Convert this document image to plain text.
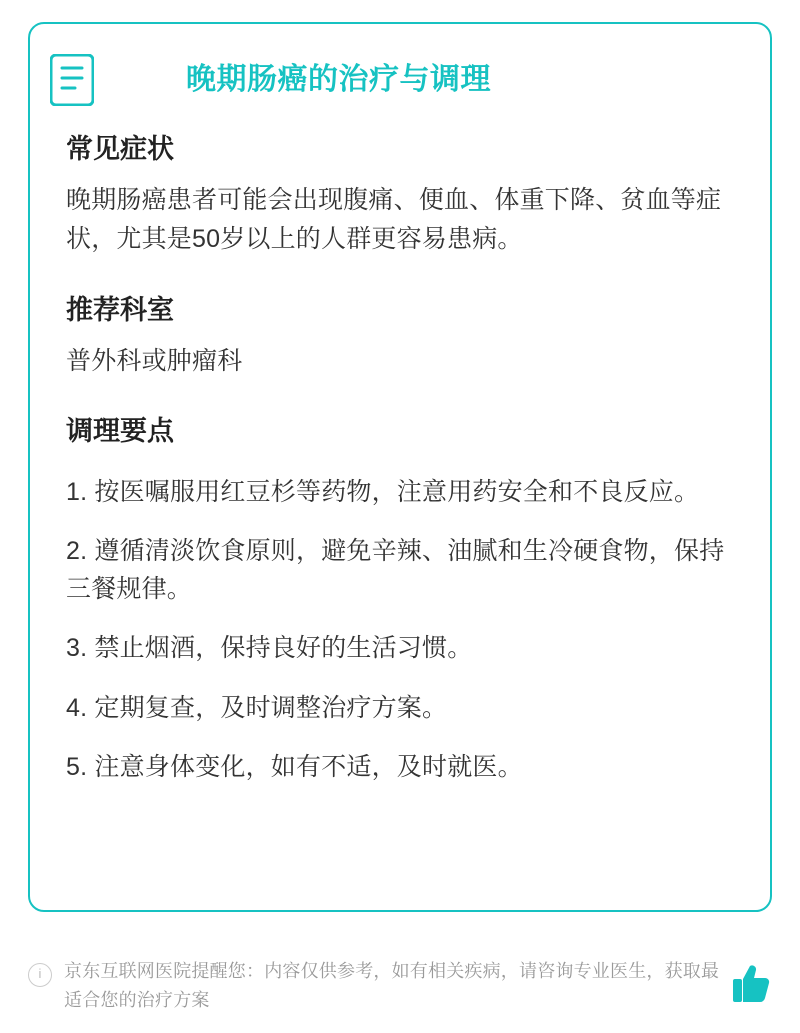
晚期肠癌的治疗与调理
常见症状

晚期肠癌患者可能会出现腹痛、便血、体重下降、贫血等症状，尤其是50岁以上的人群更容易患病。

推荐科室

普外科或肿瘤科

调理要点
1. 按医嘱服用红豆杉等药物，注意用药安全和不良反应。
2. 遵循清淡饮食原则，避免辛辣、油腻和生冷硬食物，保持三餐规律。
3. 禁止烟酒，保持良好的生活习惯。
4. 定期复查，及时调整治疗方案。
5. 注意身体变化，如有不适，及时就医。
i	京东互联网医院提醒您：内容仅供参考，如有相关疾病，请咨询专业医生，获取最适合您的治疗方案
